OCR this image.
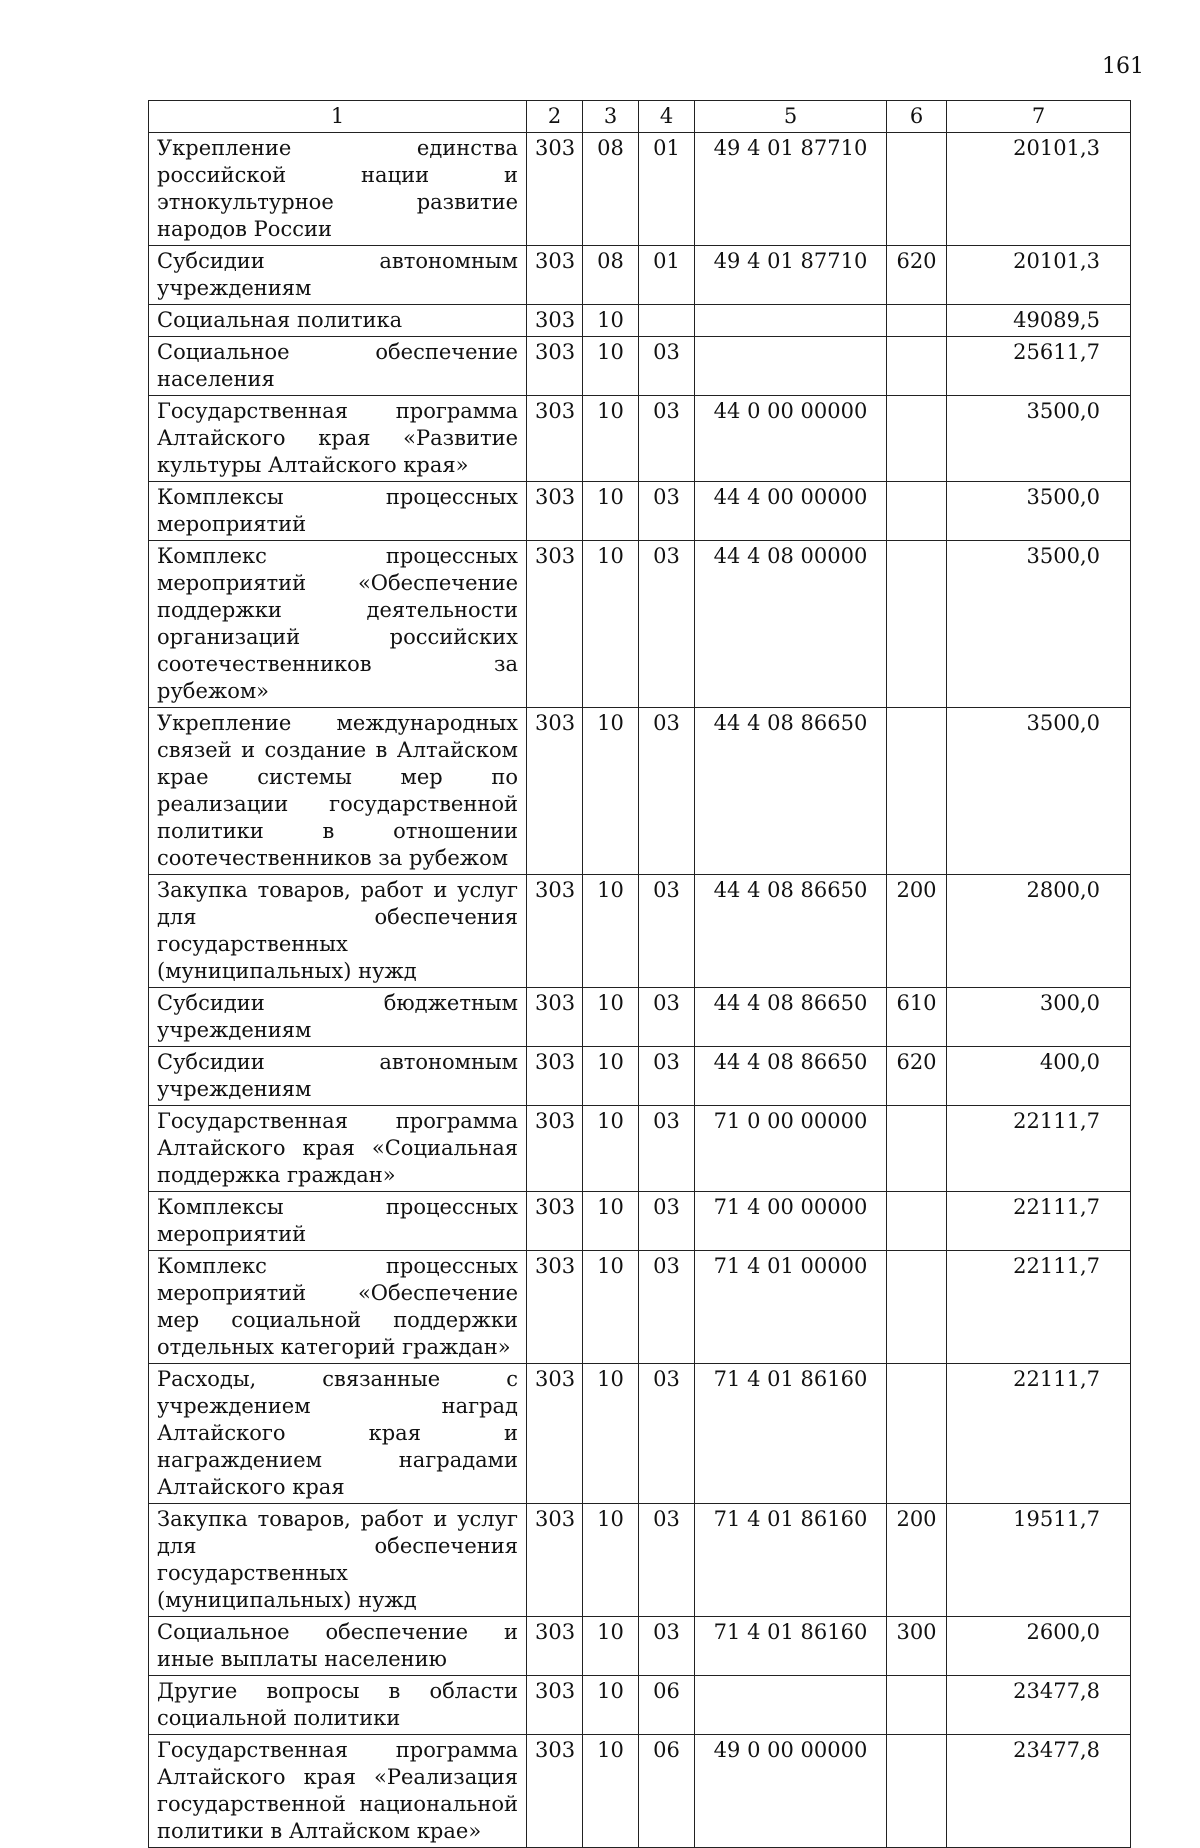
161
1	2	3	4	5	6	7
Укрепление единства российской нации и этнокультурное развитие народов России	303	08	01	49 4 01 87710		20101,3
Субсидии автономным учреждениям	303	08	01	49 4 01 87710	620	20101,3
Социальная политика	303	10				49089,5
Социальное обеспечение населения	303	10	03			25611,7
Государственная программа Алтайского края «Развитие культуры Алтайского края»	303	10	03	44 0 00 00000		3500,0
Комплексы процессных мероприятий	303	10	03	44 4 00 00000		3500,0
Комплекс процессных мероприятий «Обеспечение поддержки деятельности организаций российских соотечественников за рубежом»	303	10	03	44 4 08 00000		3500,0
Укрепление международных связей и создание в Алтайском крае системы мер по реализации государственной политики в отношении соотечественников за рубежом	303	10	03	44 4 08 86650		3500,0
Закупка товаров, работ и услуг для обеспечения государственных (муниципальных) нужд	303	10	03	44 4 08 86650	200	2800,0
Субсидии бюджетным учреждениям	303	10	03	44 4 08 86650	610	300,0
Субсидии автономным учреждениям	303	10	03	44 4 08 86650	620	400,0
Государственная программа Алтайского края «Социальная поддержка граждан»	303	10	03	71 0 00 00000		22111,7
Комплексы процессных мероприятий	303	10	03	71 4 00 00000		22111,7
Комплекс процессных мероприятий «Обеспечение мер социальной поддержки отдельных категорий граждан»	303	10	03	71 4 01 00000		22111,7
Расходы, связанные с учреждением наград Алтайского края и награждением наградами Алтайского края	303	10	03	71 4 01 86160		22111,7
Закупка товаров, работ и услуг для обеспечения государственных (муниципальных) нужд	303	10	03	71 4 01 86160	200	19511,7
Социальное обеспечение и иные выплаты населению	303	10	03	71 4 01 86160	300	2600,0
Другие вопросы в области социальной политики	303	10	06			23477,8
Государственная программа Алтайского края «Реализация государственной национальной политики в Алтайском крае»	303	10	06	49 0 00 00000		23477,8
